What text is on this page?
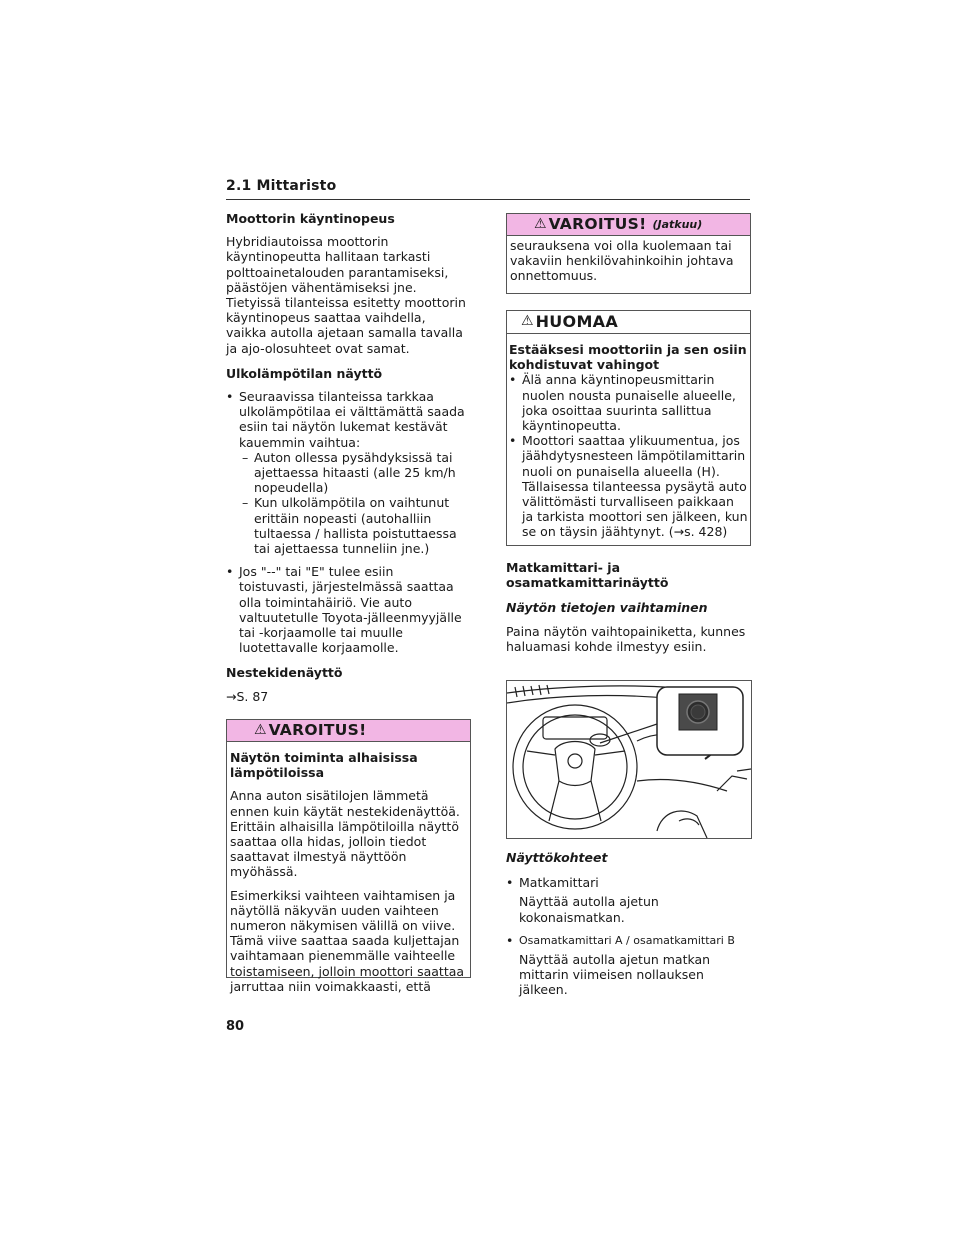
2.1 Mittaristo

Moottorin käyntinopeus

Hybridiautoissa moottorin käyntinopeutta hallitaan tarkasti polttoainetalouden parantamiseksi, päästöjen vähentämiseksi jne. Tietyissä tilanteissa esitetty moottorin käyntinopeus saattaa vaihdella, vaikka autolla ajetaan samalla tavalla ja ajo-olosuhteet ovat samat.

Ulkolämpötilan näyttö

• Seuraavissa tilanteissa tarkkaa ulkolämpötilaa ei välttämättä saada esiin tai näytön lukemat kestävät kauemmin vaihtua:
– Auton ollessa pysähdyksissä tai ajettaessa hitaasti (alle 25 km/h nopeudella)
– Kun ulkolämpötila on vaihtunut erittäin nopeasti (autohalliin tultaessa / hallista poistuttaessa tai ajettaessa tunneliin jne.)
• Jos "--" tai "E" tulee esiin toistuvasti, järjestelmässä saattaa olla toimintahäiriö. Vie auto valtuutetulle Toyota-jälleenmyyjälle tai -korjaamolle tai muulle luotettavalle korjaamolle.

Nestekidenäyttö

→S. 87

⚠ VAROITUS!

Näytön toiminta alhaisissa lämpötiloissa

Anna auton sisätilojen lämmetä ennen kuin käytät nestekidenäyttöä. Erittäin alhaisilla lämpötiloilla näyttö saattaa olla hidas, jolloin tiedot saattavat ilmestyä näyttöön myöhässä.

Esimerkiksi vaihteen vaihtamisen ja näytöllä näkyvän uuden vaihteen numeron näkymisen välillä on viive. Tämä viive saattaa saada kuljettajan vaihtamaan pienemmälle vaihteelle toistamiseen, jolloin moottori saattaa jarruttaa niin voimakkaasti, että

⚠ VAROITUS! (Jatkuu)

seurauksena voi olla kuolemaan tai vakaviin henkilövahinkoihin johtava onnettomuus.

⚠ HUOMAA

Estääksesi moottoriin ja sen osiin kohdistuvat vahingot

• Älä anna käyntinopeusmittarin nuolen nousta punaiselle alueelle, joka osoittaa suurinta sallittua käyntinopeutta.
• Moottori saattaa ylikuumentua, jos jäähdytysnesteen lämpötilamittarin nuoli on punaisella alueella (H). Tällaisessa tilanteessa pysäytä auto välittömästi turvalliseen paikkaan ja tarkista moottori sen jälkeen, kun se on täysin jäähtynyt. (→s. 428)

Matkamittari- ja osamatkamittarinäyttö

Näytön tietojen vaihtaminen

Paina näytön vaihtopainiketta, kunnes haluamasi kohde ilmestyy esiin.

Näyttökohteet

• Matkamittari

Näyttää autolla ajetun kokonaismatkan.

• Osamatkamittari A / osamatkamittari B

Näyttää autolla ajetun matkan mittarin viimeisen nollauksen jälkeen.

80
